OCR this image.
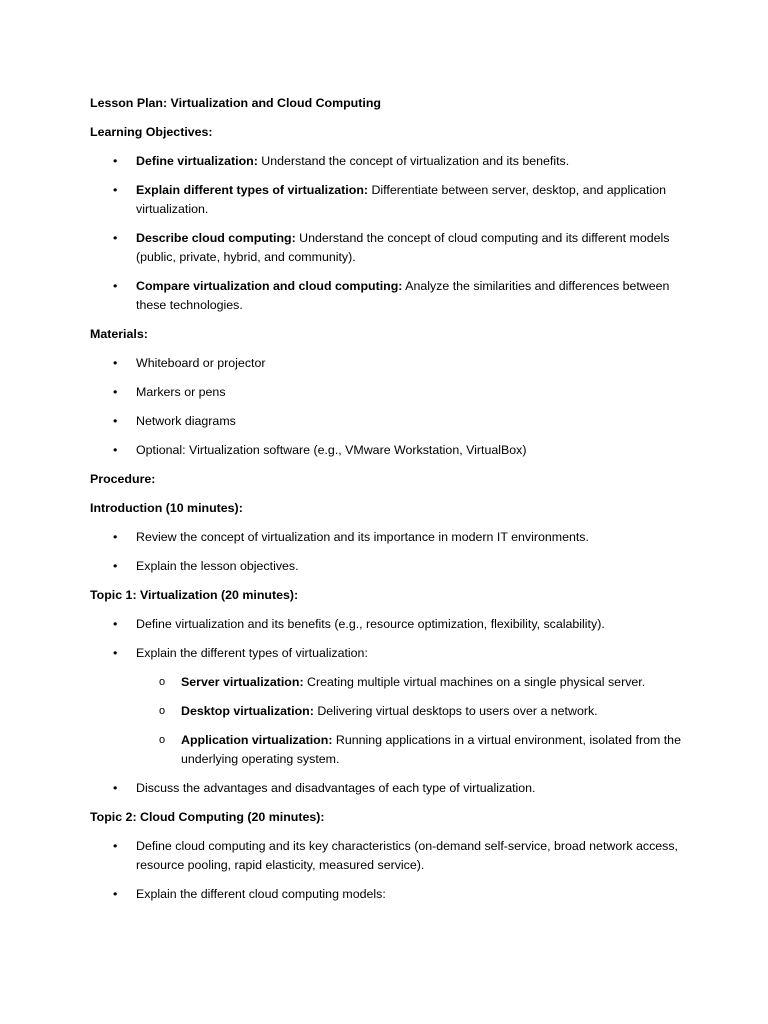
Lesson Plan: Virtualization and Cloud Computing

Learning Objectives:

• Define virtualization: Understand the concept of virtualization and its benefits.
• Explain different types of virtualization: Differentiate between server, desktop, and application virtualization.
• Describe cloud computing: Understand the concept of cloud computing and its different models (public, private, hybrid, and community).
• Compare virtualization and cloud computing: Analyze the similarities and differences between these technologies.

Materials:

• Whiteboard or projector
• Markers or pens
• Network diagrams
• Optional: Virtualization software (e.g., VMware Workstation, VirtualBox)

Procedure:

Introduction (10 minutes):

• Review the concept of virtualization and its importance in modern IT environments.
• Explain the lesson objectives.

Topic 1: Virtualization (20 minutes):

• Define virtualization and its benefits (e.g., resource optimization, flexibility, scalability).
• Explain the different types of virtualization:
o Server virtualization: Creating multiple virtual machines on a single physical server.
o Desktop virtualization: Delivering virtual desktops to users over a network.
o Application virtualization: Running applications in a virtual environment, isolated from the underlying operating system.
• Discuss the advantages and disadvantages of each type of virtualization.

Topic 2: Cloud Computing (20 minutes):

• Define cloud computing and its key characteristics (on-demand self-service, broad network access, resource pooling, rapid elasticity, measured service).
• Explain the different cloud computing models:
